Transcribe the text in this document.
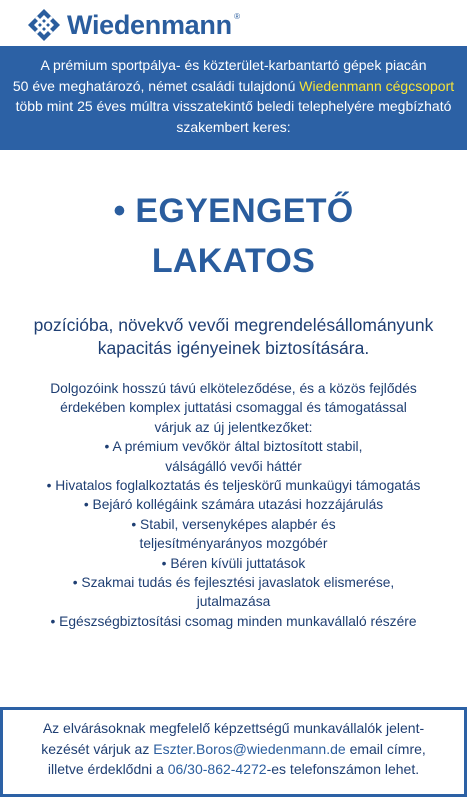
Wiedenmann ®
A prémium sportpálya- és közterület-karbantartó gépek piacán
50 éve meghatározó, német családi tulajdonú Wiedenmann cégcsoport több mint 25 éves múltra visszatekintő beledi telephelyére megbízható szakembert keres:
• EGYENGETŐ
LAKATOS
pozícióba, növekvő vevői megrendelésállományunk
kapacitás igényeinek biztosítására.

Dolgozóink hosszú távú elköteleződése, és a közös fejlődés

érdekében komplex juttatási csomaggal és támogatással

várjuk az új jelentkezőket:

• A prémium vevőkör által biztosított stabil,

válságálló vevői háttér

• Hivatalos foglalkoztatás és teljeskörű munkaügyi támogatás

• Bejáró kollégáink számára utazási hozzájárulás

• Stabil, versenyképes alapbér és

teljesítményarányos mozgóbér

• Béren kívüli juttatások

• Szakmai tudás és fejlesztési javaslatok elismerése,

jutalmazása

• Egészségbiztosítási csomag minden munkavállaló részére

Az elvárásoknak megfelelő képzettségű munkavállalók jelent-
kezését várjuk az Eszter.Boros@wiedenmann.de email címre,
illetve érdeklődni a 06/30-862-4272-es telefonszámon lehet.
